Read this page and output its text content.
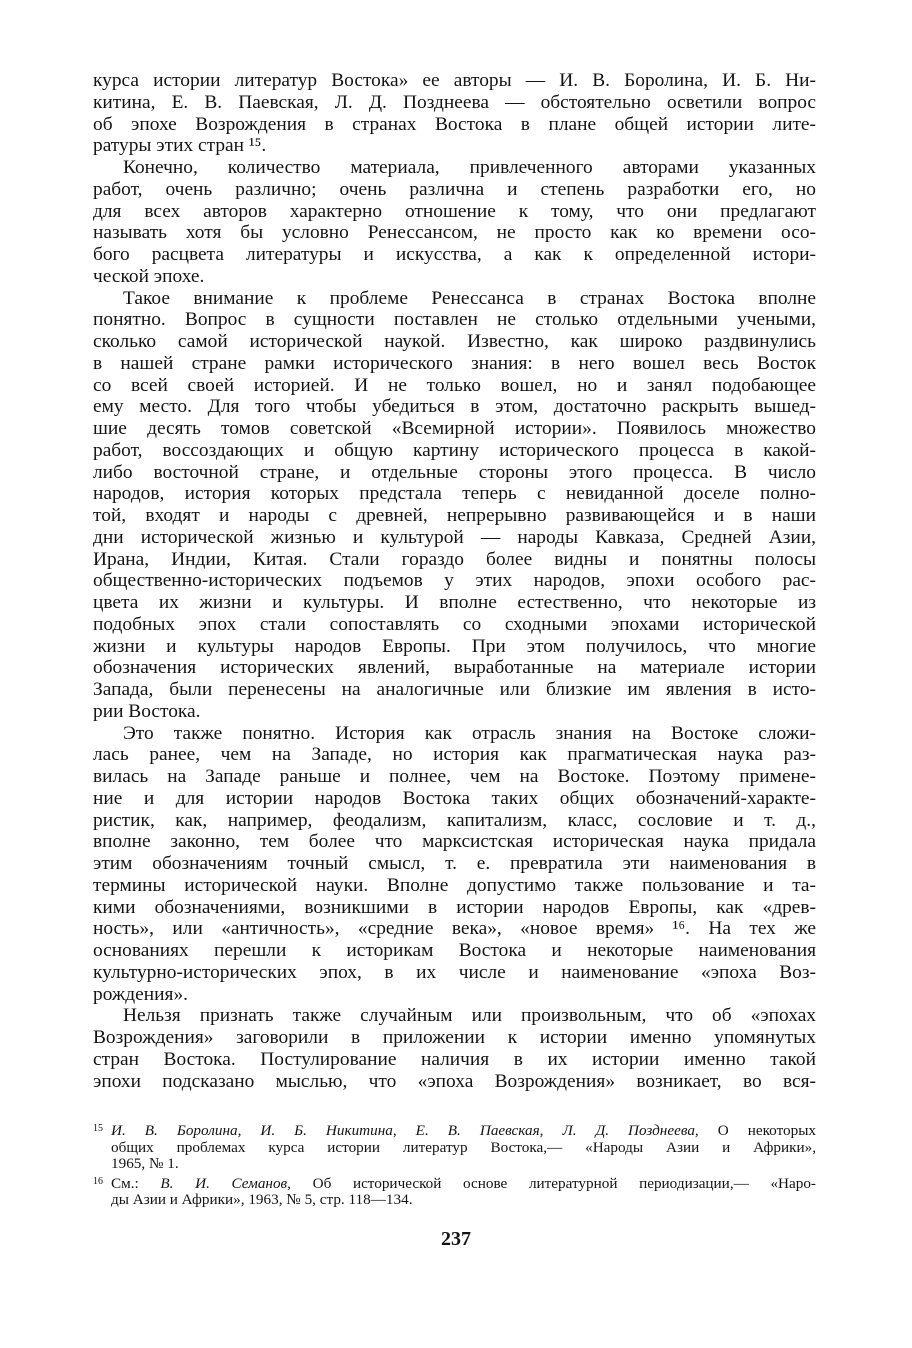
курса истории литератур Востока» ее авторы — И. В. Боролина, И. Б. Ни-
китина, Е. В. Паевская, Л. Д. Позднеева — обстоятельно осветили вопрос
об эпохе Возрождения в странах Востока в плане общей истории лите-
ратуры этих стран ¹⁵.
Конечно, количество материала, привлеченного авторами указанных
работ, очень различно; очень различна и степень разработки его, но
для всех авторов характерно отношение к тому, что они предлагают
называть хотя бы условно Ренессансом, не просто как ко времени осо-
бого расцвета литературы и искусства, а как к определенной истори-
ческой эпохе.
Такое внимание к проблеме Ренессанса в странах Востока вполне
понятно. Вопрос в сущности поставлен не столько отдельными учеными,
сколько самой исторической наукой. Известно, как широко раздвинулись
в нашей стране рамки исторического знания: в него вошел весь Восток
со всей своей историей. И не только вошел, но и занял подобающее
ему место. Для того чтобы убедиться в этом, достаточно раскрыть вышед-
шие десять томов советской «Всемирной истории». Появилось множество
работ, воссоздающих и общую картину исторического процесса в какой-
либо восточной стране, и отдельные стороны этого процесса. В число
народов, история которых предстала теперь с невиданной доселе полно-
той, входят и народы с древней, непрерывно развивающейся и в наши
дни исторической жизнью и культурой — народы Кавказа, Средней Азии,
Ирана, Индии, Китая. Стали гораздо более видны и понятны полосы
общественно-исторических подъемов у этих народов, эпохи особого рас-
цвета их жизни и культуры. И вполне естественно, что некоторые из
подобных эпох стали сопоставлять со сходными эпохами исторической
жизни и культуры народов Европы. При этом получилось, что многие
обозначения исторических явлений, выработанные на материале истории
Запада, были перенесены на аналогичные или близкие им явления в исто-
рии Востока.
Это также понятно. История как отрасль знания на Востоке сложи-
лась ранее, чем на Западе, но история как прагматическая наука раз-
вилась на Западе раньше и полнее, чем на Востоке. Поэтому примене-
ние и для истории народов Востока таких общих обозначений-характе-
ристик, как, например, феодализм, капитализм, класс, сословие и т. д.,
вполне законно, тем более что марксистская историческая наука придала
этим обозначениям точный смысл, т. е. превратила эти наименования в
термины исторической науки. Вполне допустимо также пользование и та-
кими обозначениями, возникшими в истории народов Европы, как «древ-
ность», или «античность», «средние века», «новое время» ¹⁶. На тех же
основаниях перешли к историкам Востока и некоторые наименования
культурно-исторических эпох, в их числе и наименование «эпоха Воз-
рождения».
Нельзя признать также случайным или произвольным, что об «эпохах
Возрождения» заговорили в приложении к истории именно упомянутых
стран Востока. Постулирование наличия в их истории именно такой
эпохи подсказано мыслью, что «эпоха Возрождения» возникает, во вся-
15 И. В. Боролина, И. Б. Никитина, Е. В. Паевская, Л. Д. Позднеева, О некоторых
общих проблемах курса истории литератур Востока,— «Народы Азии и Африки»,
1965, № 1.
16 См.: В. И. Семанов, Об исторической основе литературной периодизации,— «Наро-
ды Азии и Африки», 1963, № 5, стр. 118—134.
237
